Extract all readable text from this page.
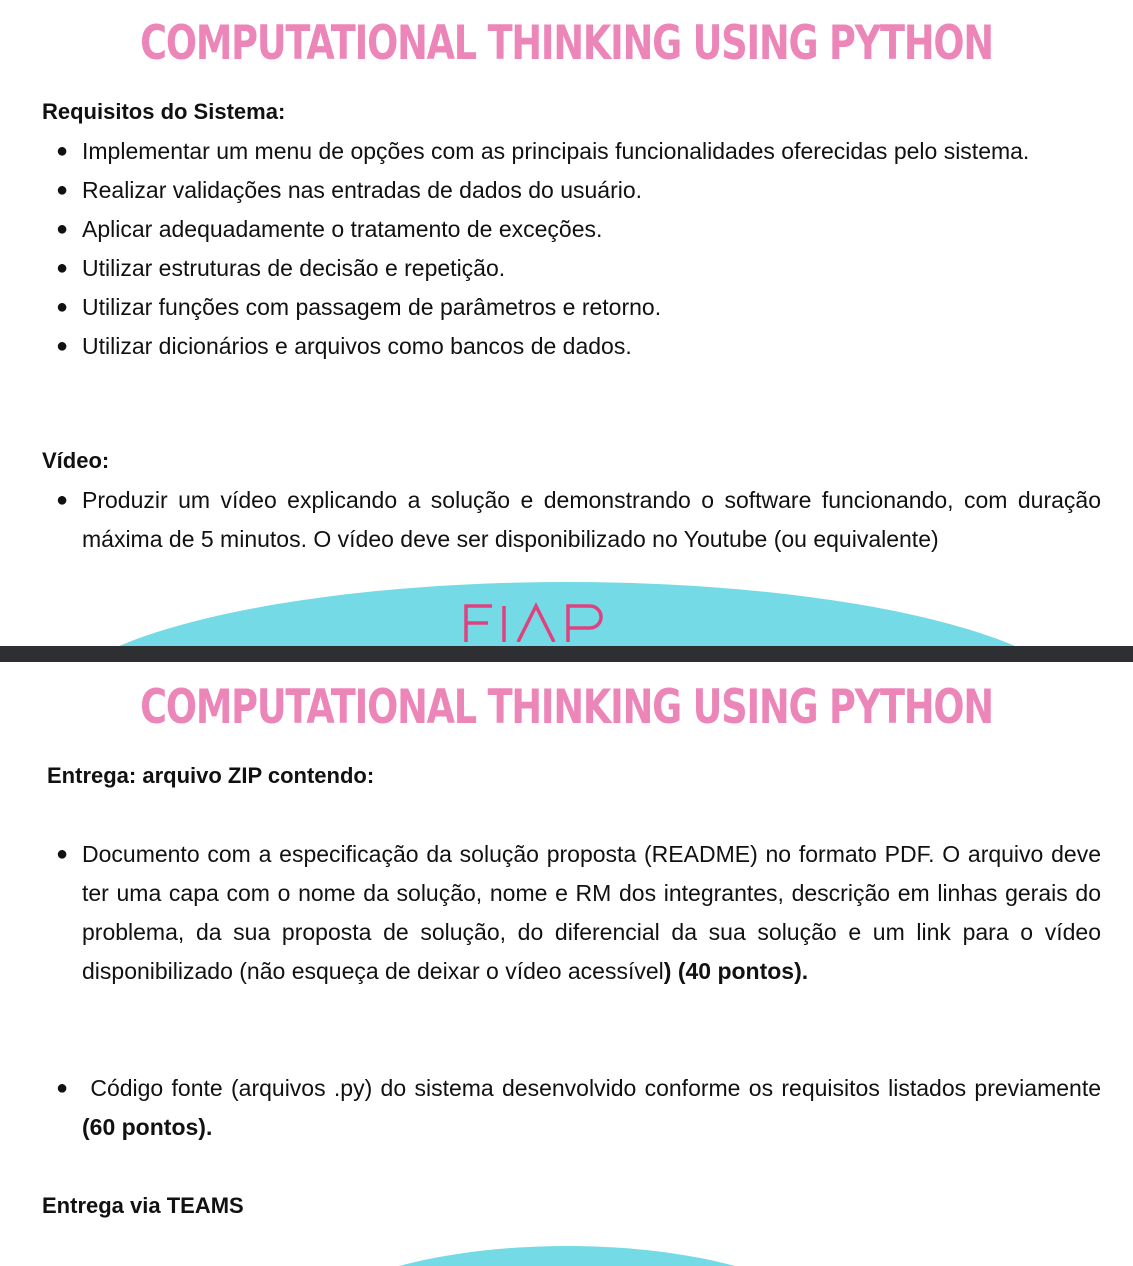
COMPUTATIONAL THINKING USING PYTHON
Requisitos do Sistema:
● Implementar um menu de opções com as principais funcionalidades oferecidas pelo sistema.
● Realizar validações nas entradas de dados do usuário.
● Aplicar adequadamente o tratamento de exceções.
● Utilizar estruturas de decisão e repetição.
● Utilizar funções com passagem de parâmetros e retorno.
● Utilizar dicionários e arquivos como bancos de dados.
Vídeo:
● Produzir um vídeo explicando a solução e demonstrando o software funcionando, com duração máxima de 5 minutos. O vídeo deve ser disponibilizado no Youtube (ou equivalente)
FIAP
COMPUTATIONAL THINKING USING PYTHON
Entrega: arquivo ZIP contendo:
● Documento com a especificação da solução proposta (README) no formato PDF. O arquivo deve ter uma capa com o nome da solução, nome e RM dos integrantes, descrição em linhas gerais do problema, da sua proposta de solução, do diferencial da sua solução e um link para o vídeo disponibilizado (não esqueça de deixar o vídeo acessível) (40 pontos).
● Código fonte (arquivos .py) do sistema desenvolvido conforme os requisitos listados previamente (60 pontos).
Entrega via TEAMS
